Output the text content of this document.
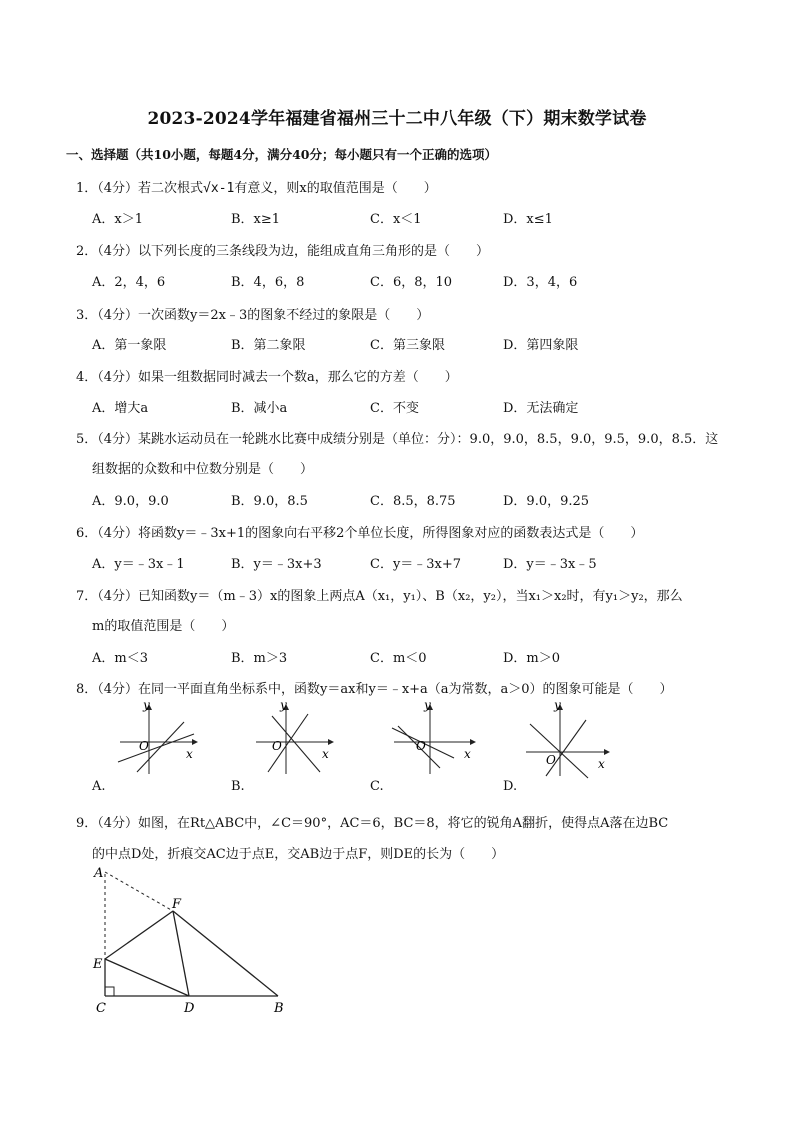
2023-2024学年福建省福州三十二中八年级（下）期末数学试卷
一、选择题（共10小题，每题4分，满分40分；每小题只有一个正确的选项）
1．（4分）若二次根式√x-1有意义，则x的取值范围是（　　）
A．x＞1	B．x≥1	C．x＜1	D．x≤1
2．（4分）以下列长度的三条线段为边，能组成直角三角形的是（　　）
A．2，4，6	B．4，6，8	C．6，8，10	D．3，4，6
3．（4分）一次函数y＝2x﹣3的图象不经过的象限是（　　）
A．第一象限	B．第二象限	C．第三象限	D．第四象限
4．（4分）如果一组数据同时减去一个数a，那么它的方差（　　）
A．增大a	B．减小a	C．不变	D．无法确定
5．（4分）某跳水运动员在一轮跳水比赛中成绩分别是（单位：分）：9.0，9.0，8.5，9.0，9.5，9.0，8.5．这
组数据的众数和中位数分别是（　　）
A．9.0，9.0	B．9.0，8.5	C．8.5，8.75	D．9.0，9.25
6．（4分）将函数y＝﹣3x+1的图象向右平移2个单位长度，所得图象对应的函数表达式是（　　）
A．y＝﹣3x﹣1	B．y＝﹣3x+3	C．y＝﹣3x+7	D．y＝﹣3x﹣5
7．（4分）已知函数y＝（m﹣3）x的图象上两点A（x₁，y₁）、B（x₂，y₂），当x₁＞x₂时，有y₁＞y₂，那么
m的取值范围是（　　）
A．m＜3	B．m＞3	C．m＜0	D．m＞0
8．（4分）在同一平面直角坐标系中，函数y＝ax和y＝﹣x+a（a为常数，a＞0）的图象可能是（　　）
y
x
O
A.
y
x
O
B.
y
x
O
C.
y
x
O
D.
9．（4分）如图，在Rt△ABC中，∠C＝90°，AC＝6，BC＝8，将它的锐角A翻折，使得点A落在边BC
的中点D处，折痕交AC边于点E，交AB边于点F，则DE的长为（　　）
A
F
E
C	D	B
